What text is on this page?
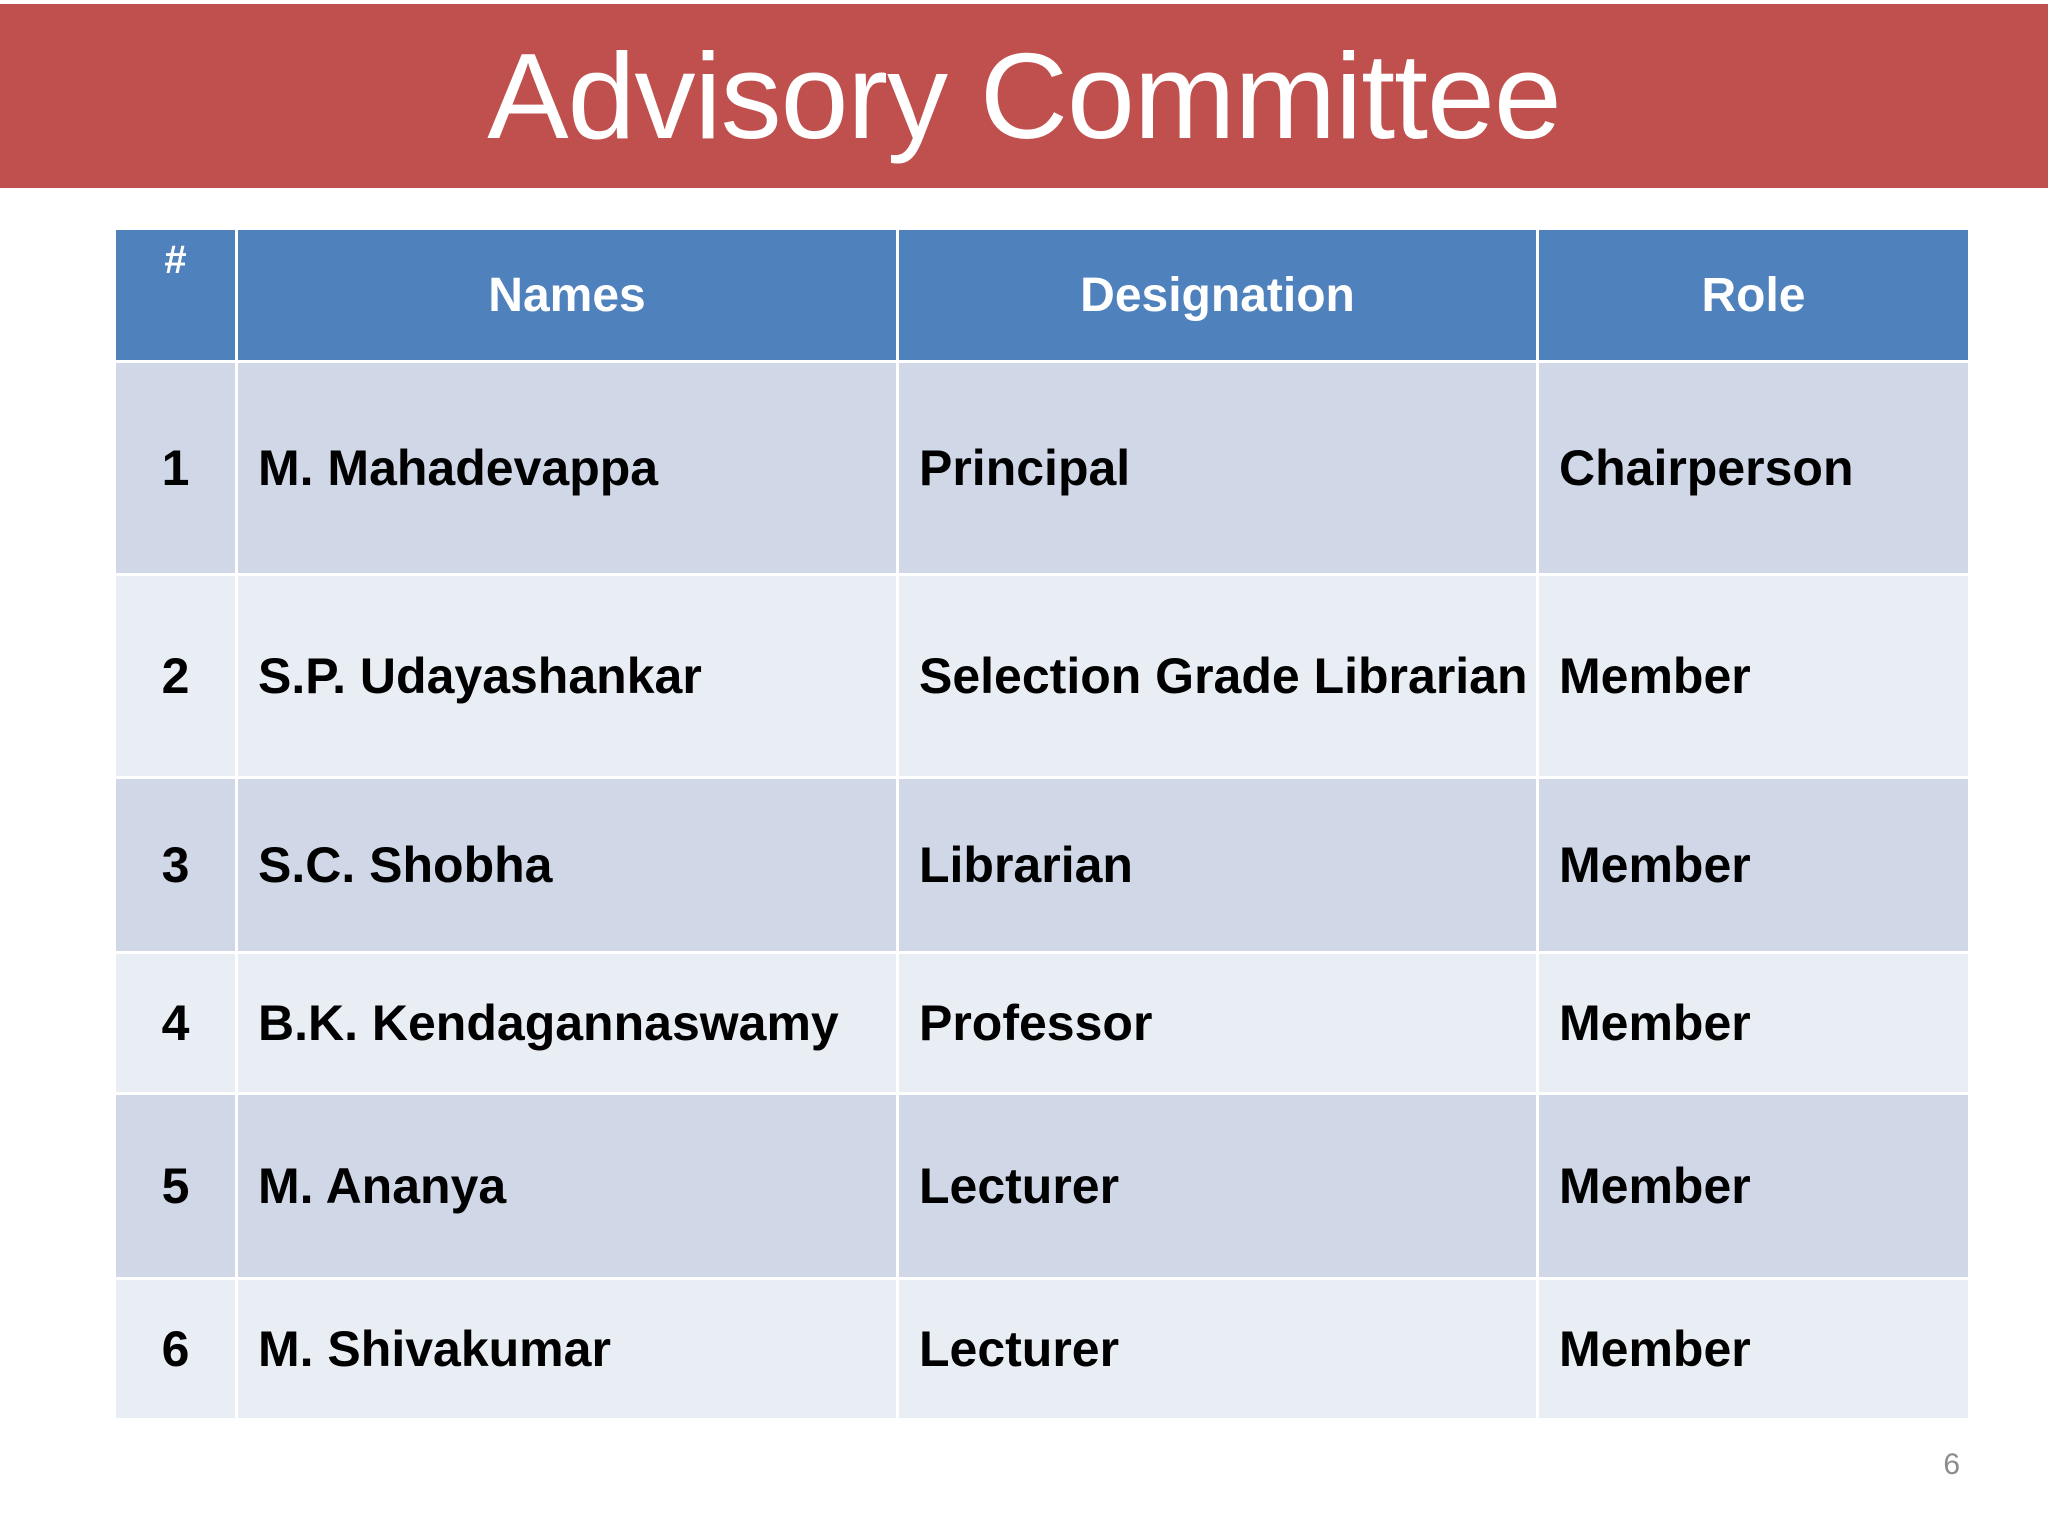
Advisory Committee
#	Names	Designation	Role
1	M. Mahadevappa	Principal	Chairperson
2	S.P. Udayashankar	Selection Grade Librarian	Member
3	S.C. Shobha	Librarian	Member
4	B.K. Kendagannaswamy	Professor	Member
5	M. Ananya	Lecturer	Member
6	M. Shivakumar	Lecturer	Member
6
